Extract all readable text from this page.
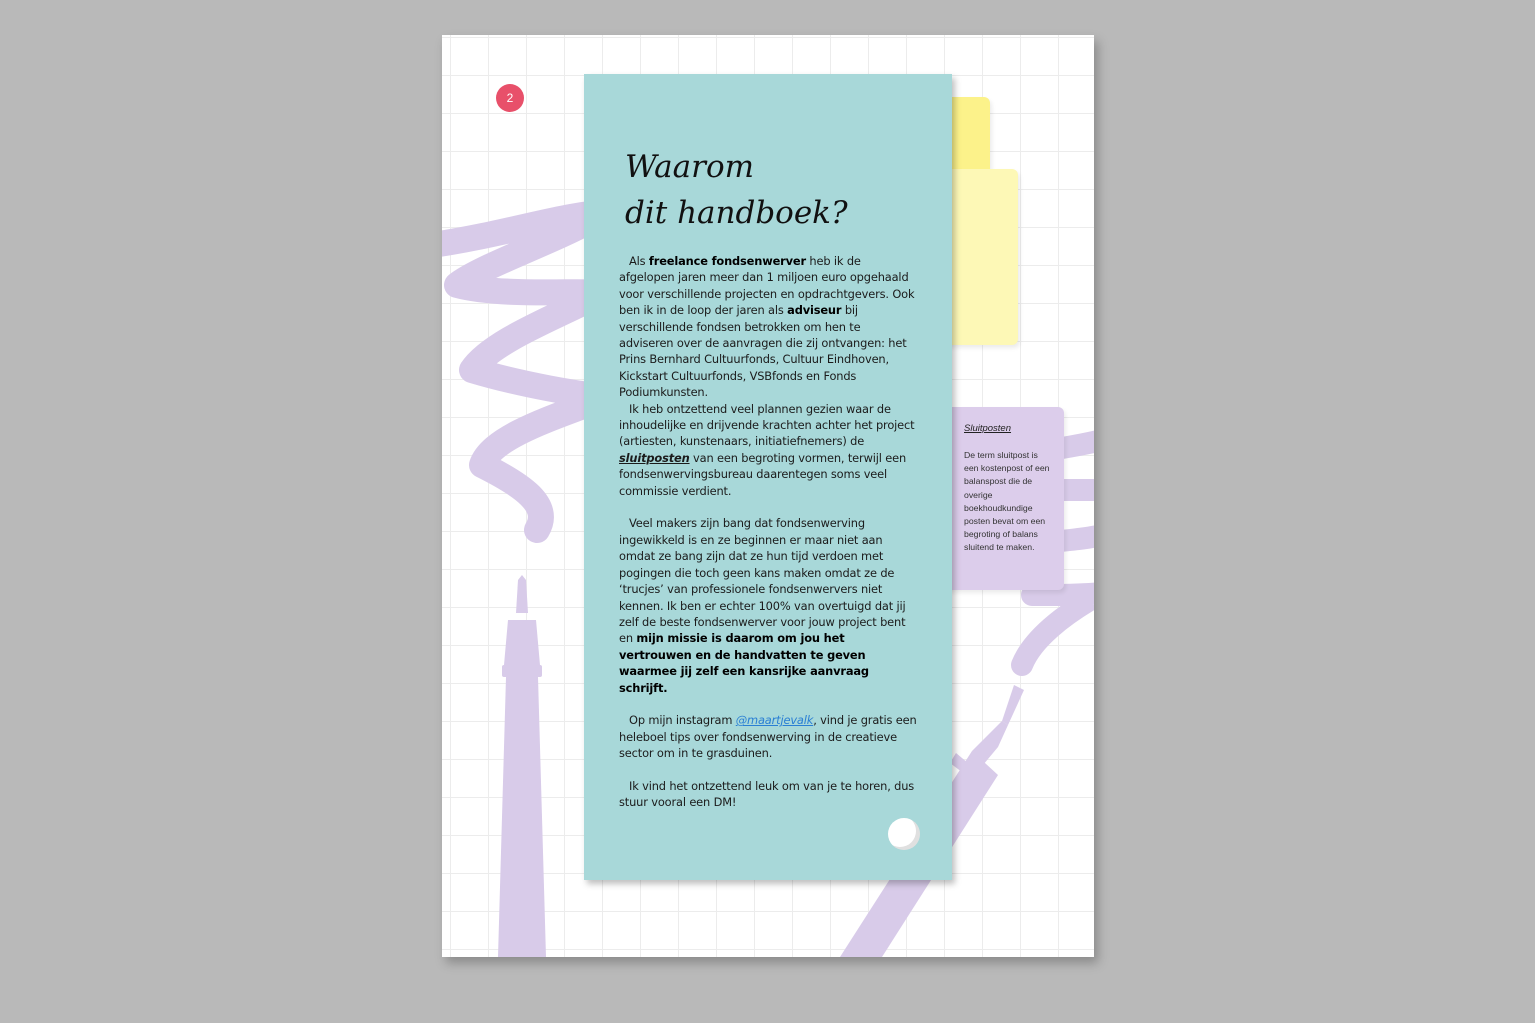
2
Sluitposten
De term sluitpost is een kostenpost of een balanspost die de overige boekhoudkundige posten bevat om een begroting of balans sluitend te maken.
Waarom
dit handboek?

Als freelance fondsenwerver heb ik de afgelopen jaren meer dan 1 miljoen euro opgehaald voor verschillende projecten en opdrachtgevers. Ook ben ik in de loop der jaren als adviseur bij verschillende fondsen betrokken om hen te adviseren over de aanvragen die zij ontvangen: het Prins Bernhard Cultuurfonds, Cultuur Eindhoven, Kickstart Cultuurfonds, VSBfonds en Fonds Podiumkunsten.

Ik heb ontzettend veel plannen gezien waar de inhoudelijke en drijvende krachten achter het project (artiesten, kunstenaars, initiatiefnemers) de sluitposten van een begroting vormen, terwijl een fondsenwervingsbureau daarentegen soms veel commissie verdient.

Veel makers zijn bang dat fondsenwerving ingewikkeld is en ze beginnen er maar niet aan omdat ze bang zijn dat ze hun tijd verdoen met pogingen die toch geen kans maken omdat ze de ‘trucjes’ van professionele fondsenwervers niet kennen. Ik ben er echter 100% van overtuigd dat jij zelf de beste fondsenwerver voor jouw project bent en mijn missie is daarom om jou het vertrouwen en de handvatten te geven waarmee jij zelf een kansrijke aanvraag schrijft.

Op mijn instagram @maartjevalk, vind je gratis een heleboel tips over fondsenwerving in de creatieve sector om in te grasduinen.

Ik vind het ontzettend leuk om van je te horen, dus stuur vooral een DM!
